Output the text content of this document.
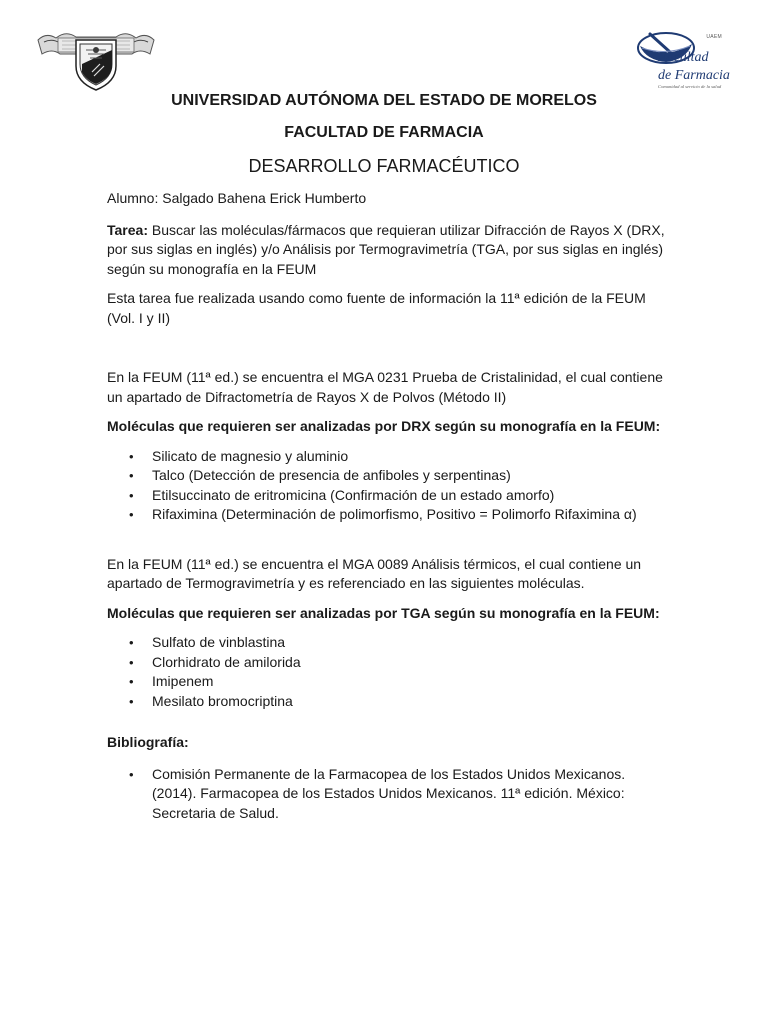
UAEM
Facultad
de Farmacia
Comunidad al servicio de la salud
UNIVERSIDAD AUTÓNOMA DEL ESTADO DE MORELOS
FACULTAD DE FARMACIA
DESARROLLO FARMACÉUTICO

Alumno: Salgado Bahena Erick Humberto

Tarea: Buscar las moléculas/fármacos que requieran utilizar Difracción de Rayos X (DRX, por sus siglas en inglés) y/o Análisis por Termogravimetría (TGA, por sus siglas en inglés) según su monografía en la FEUM

Esta tarea fue realizada usando como fuente de información la 11ª edición de la FEUM (Vol. I y II)

En la FEUM (11ª ed.) se encuentra el MGA 0231 Prueba de Cristalinidad, el cual contiene un apartado de Difractometría de Rayos X de Polvos (Método II)

Moléculas que requieren ser analizadas por DRX según su monografía en la FEUM:

• Silicato de magnesio y aluminio
• Talco (Detección de presencia de anfiboles y serpentinas)
• Etilsuccinato de eritromicina (Confirmación de un estado amorfo)
• Rifaximina (Determinación de polimorfismo, Positivo = Polimorfo Rifaximina α)

En la FEUM (11ª ed.) se encuentra el MGA 0089 Análisis térmicos, el cual contiene un apartado de Termogravimetría y es referenciado en las siguientes moléculas.

Moléculas que requieren ser analizadas por TGA según su monografía en la FEUM:

• Sulfato de vinblastina
• Clorhidrato de amilorida
• Imipenem
• Mesilato bromocriptina

Bibliografía:

• Comisión Permanente de la Farmacopea de los Estados Unidos Mexicanos. (2014). Farmacopea de los Estados Unidos Mexicanos. 11ª edición. México: Secretaria de Salud.
